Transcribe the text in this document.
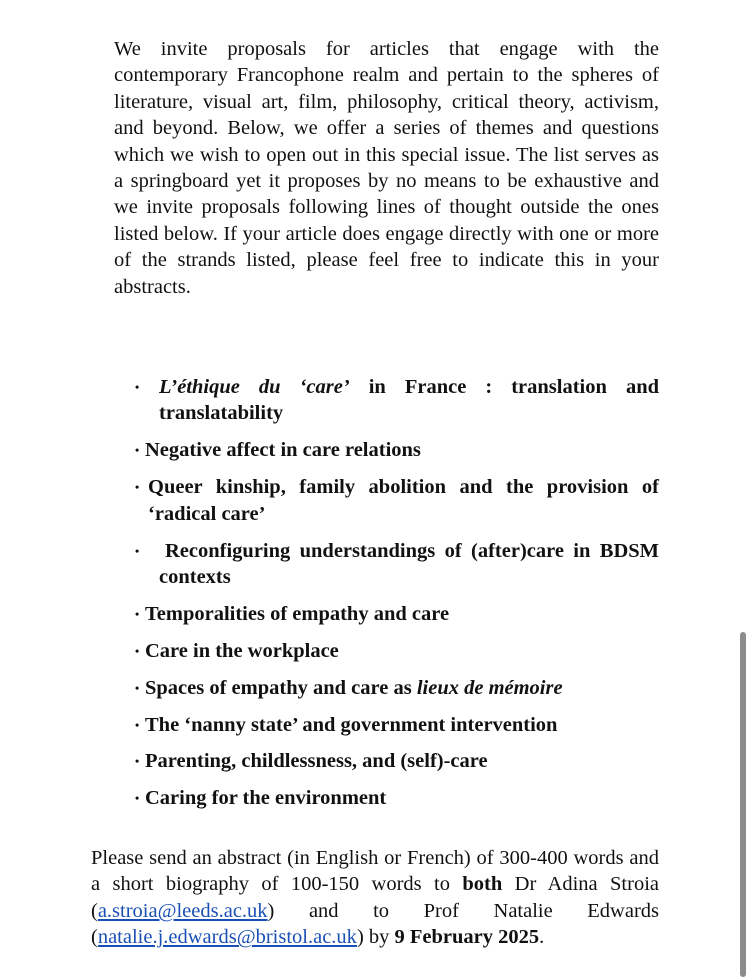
We invite proposals for articles that engage with the contemporary Francophone realm and pertain to the spheres of literature, visual art, film, philosophy, critical theory, activism, and beyond. Below, we offer a series of themes and questions which we wish to open out in this special issue. The list serves as a springboard yet it proposes by no means to be exhaustive and we invite proposals following lines of thought outside the ones listed below. If your article does engage directly with one or more of the strands listed, please feel free to indicate this in your abstracts.

• L’éthique du ‘care’ in France : translation and translatability
• Negative affect in care relations
• Queer kinship, family abolition and the provision of ‘radical care’
• Reconfiguring understandings of (after)care in BDSM contexts
• Temporalities of empathy and care
• Care in the workplace
• Spaces of empathy and care as lieux de mémoire
• The ‘nanny state’ and government intervention
• Parenting, childlessness, and (self)-care
• Caring for the environment

Please send an abstract (in English or French) of 300-400 words and a short biography of 100-150 words to both Dr Adina Stroia (a.stroia@leeds.ac.uk) and to Prof Natalie Edwards (natalie.j.edwards@bristol.ac.uk) by 9 February 2025.
